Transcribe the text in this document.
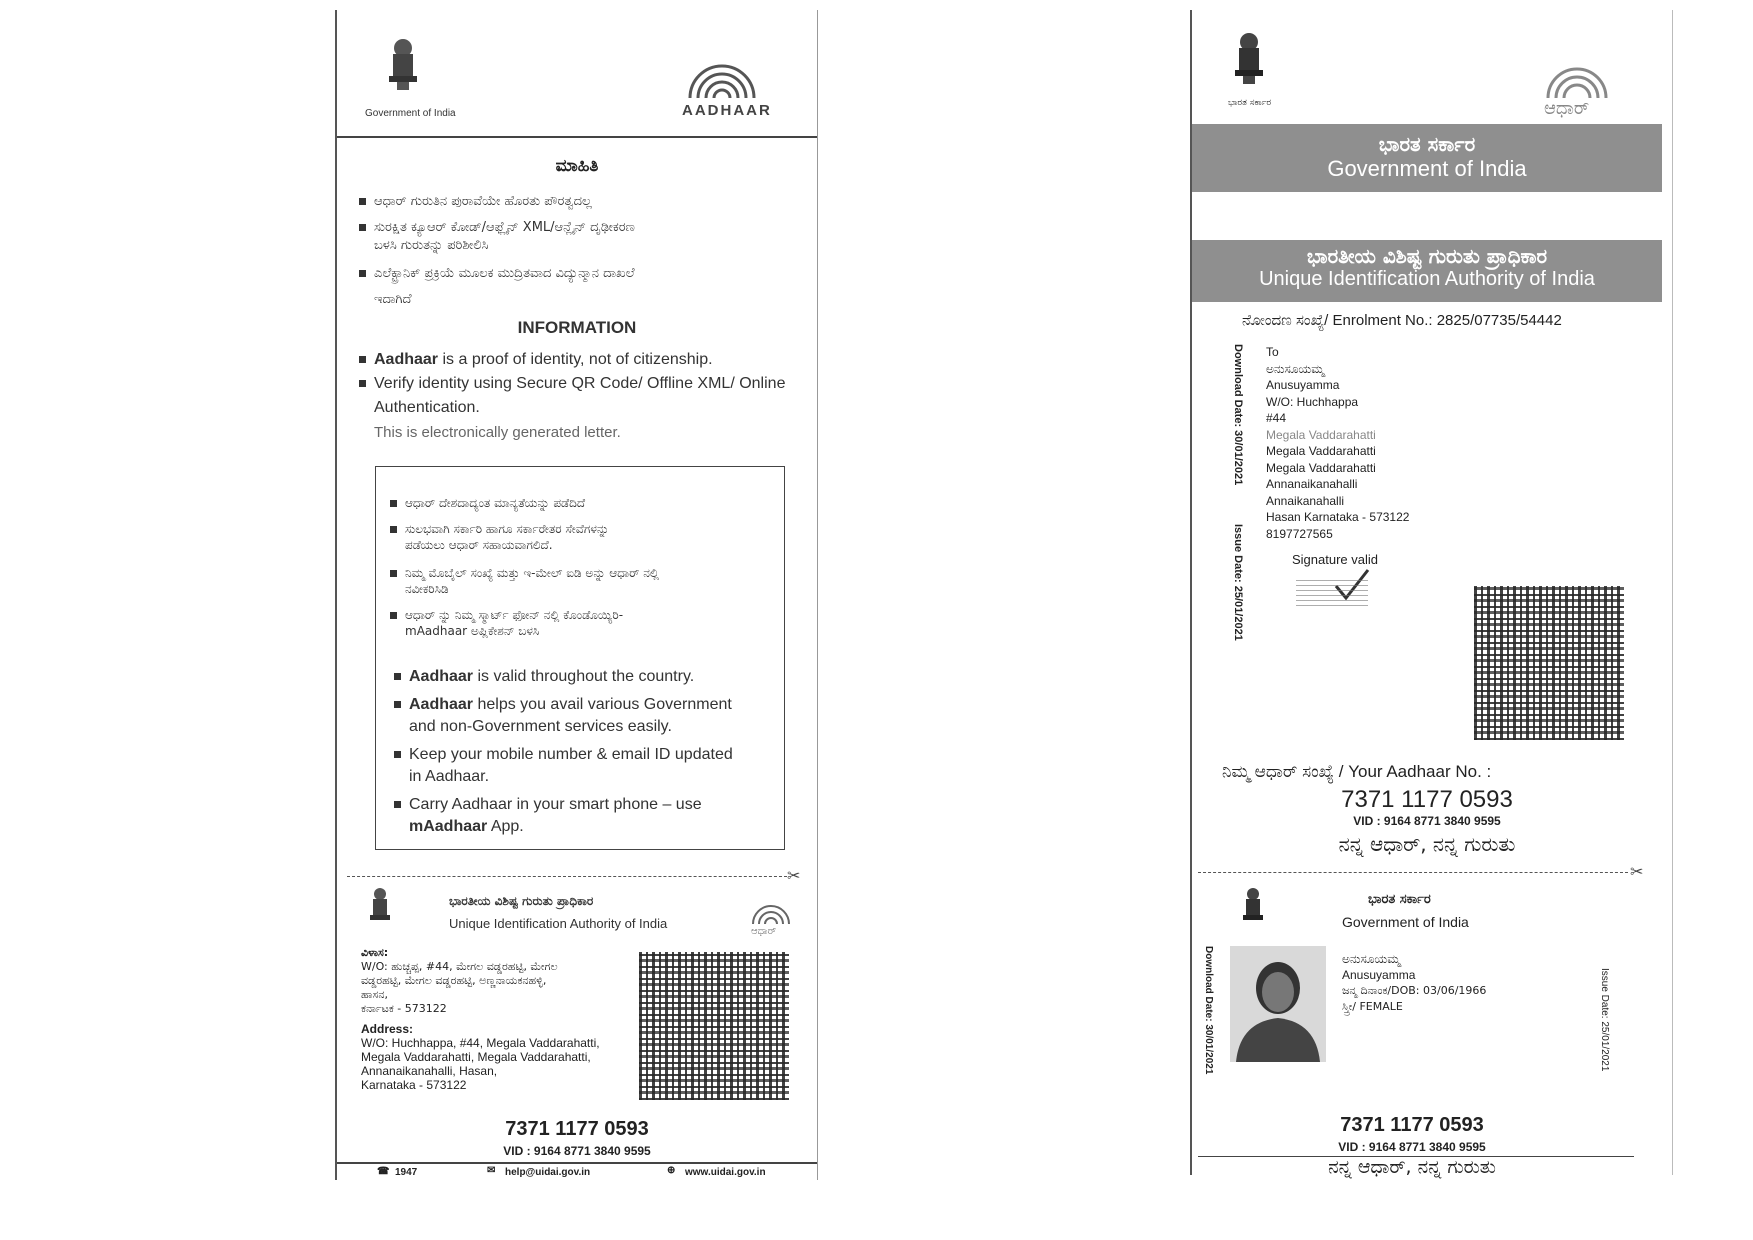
Government of India	AADHAAR
ಮಾಹಿತಿ
ಆಧಾರ್ ಗುರುತಿನ ಪುರಾವೆಯೇ ಹೊರತು ಪೌರತ್ವದಲ್ಲ
ಸುರಕ್ಷಿತ ಕ್ಯೂಆರ್ ಕೋಡ್/ಆಫ್ಲೈನ್ XML/ಆನ್ಲೈನ್ ದೃಢೀಕರಣ
ಬಳಸಿ ಗುರುತನ್ನು ಪರಿಶೀಲಿಸಿ
ಎಲೆಕ್ಟ್ರಾನಿಕ್ ಪ್ರಕ್ರಿಯೆ ಮೂಲಕ ಮುದ್ರಿತವಾದ ವಿದ್ಯುನ್ಮಾನ ದಾಖಲೆ
ಇದಾಗಿದೆ
INFORMATION
Aadhaar is a proof of identity, not of citizenship.
Verify identity using Secure QR Code/ Offline XML/ Online
Authentication.
This is electronically generated letter.
ಆಧಾರ್ ದೇಶದಾದ್ಯಂತ ಮಾನ್ಯತೆಯನ್ನು ಪಡೆದಿದೆ
ಸುಲಭವಾಗಿ ಸರ್ಕಾರಿ ಹಾಗೂ ಸರ್ಕಾರೇತರ ಸೇವೆಗಳನ್ನು
ಪಡೆಯಲು ಆಧಾರ್ ಸಹಾಯವಾಗಲಿದೆ.
ನಿಮ್ಮ ಮೊಬೈಲ್ ಸಂಖ್ಯೆ ಮತ್ತು ಇ-ಮೇಲ್ ಐಡಿ ಅನ್ನು ಆಧಾರ್ ನಲ್ಲಿ
ನವೀಕರಿಸಿಡಿ
ಆಧಾರ್ ನ್ನು ನಿಮ್ಮ ಸ್ಮಾರ್ಟ್ ಫೋನ್ ನಲ್ಲಿ ಕೊಂಡೊಯ್ಯಿರಿ-
mAadhaar ಅಪ್ಲಿಕೇಶನ್ ಬಳಸಿ
Aadhaar is valid throughout the country.
Aadhaar helps you avail various Government
and non-Government services easily.
Keep your mobile number & email ID updated
in Aadhaar.
Carry Aadhaar in your smart phone – use
mAadhaar App.
✂
ಭಾರತೀಯ ವಿಶಿಷ್ಟ ಗುರುತು ಪ್ರಾಧಿಕಾರ
Unique Identification Authority of India
ಆಧಾರ್
ವಿಳಾಸ:
W/O: ಹುಚ್ಚಪ್ಪ, #44, ಮೇಗಲ ವಡ್ಡರಹಟ್ಟಿ, ಮೇಗಲ
ವಡ್ಡರಹಟ್ಟಿ, ಮೇಗಲ ವಡ್ಡರಹಟ್ಟಿ, ಅಣ್ಣನಾಯಕನಹಳ್ಳಿ,
ಹಾಸನ,
ಕರ್ನಾಟಕ - 573122
Address:
W/O: Huchhappa, #44, Megala Vaddarahatti,
Megala Vaddarahatti, Megala Vaddarahatti,
Annanaikanahalli, Hasan,
Karnataka - 573122
7371 1177 0593
VID : 9164 8771 3840 9595
☎ 1947	✉ help@uidai.gov.in	⊕ www.uidai.gov.in
ಭಾರತ ಸರ್ಕಾರ	ಆಧಾರ್
ಭಾರತ ಸರ್ಕಾರ
Government of India
ಭಾರತೀಯ ವಿಶಿಷ್ಟ ಗುರುತು ಪ್ರಾಧಿಕಾರ
Unique Identification Authority of India
ನೋಂದಣ ಸಂಖ್ಯೆ/ Enrolment No.: 2825/07735/54442
Download Date: 30/01/2021
Issue Date: 25/01/2021
To
ಅನುಸೂಯಮ್ಮ
Anusuyamma
W/O: Huchhappa
#44
Megala Vaddarahatti
Megala Vaddarahatti
Megala Vaddarahatti
Annanaikanahalli
Annaikanahalli
Hasan Karnataka - 573122
8197727565
Signature valid
ನಿಮ್ಮ ಆಧಾರ್ ಸಂಖ್ಯೆ / Your Aadhaar No. :
7371 1177 0593
VID : 9164 8771 3840 9595
ನನ್ನ ಆಧಾರ್, ನನ್ನ ಗುರುತು
✂
ಭಾರತ ಸರ್ಕಾರ
Government of India
Download Date: 30/01/2021	Issue Date: 25/01/2021
ಅನುಸೂಯಮ್ಮ
Anusuyamma
ಜನ್ಮ ದಿನಾಂಕ/DOB: 03/06/1966
ಸ್ತ್ರೀ/ FEMALE
7371 1177 0593
VID : 9164 8771 3840 9595
ನನ್ನ ಆಧಾರ್, ನನ್ನ ಗುರುತು
